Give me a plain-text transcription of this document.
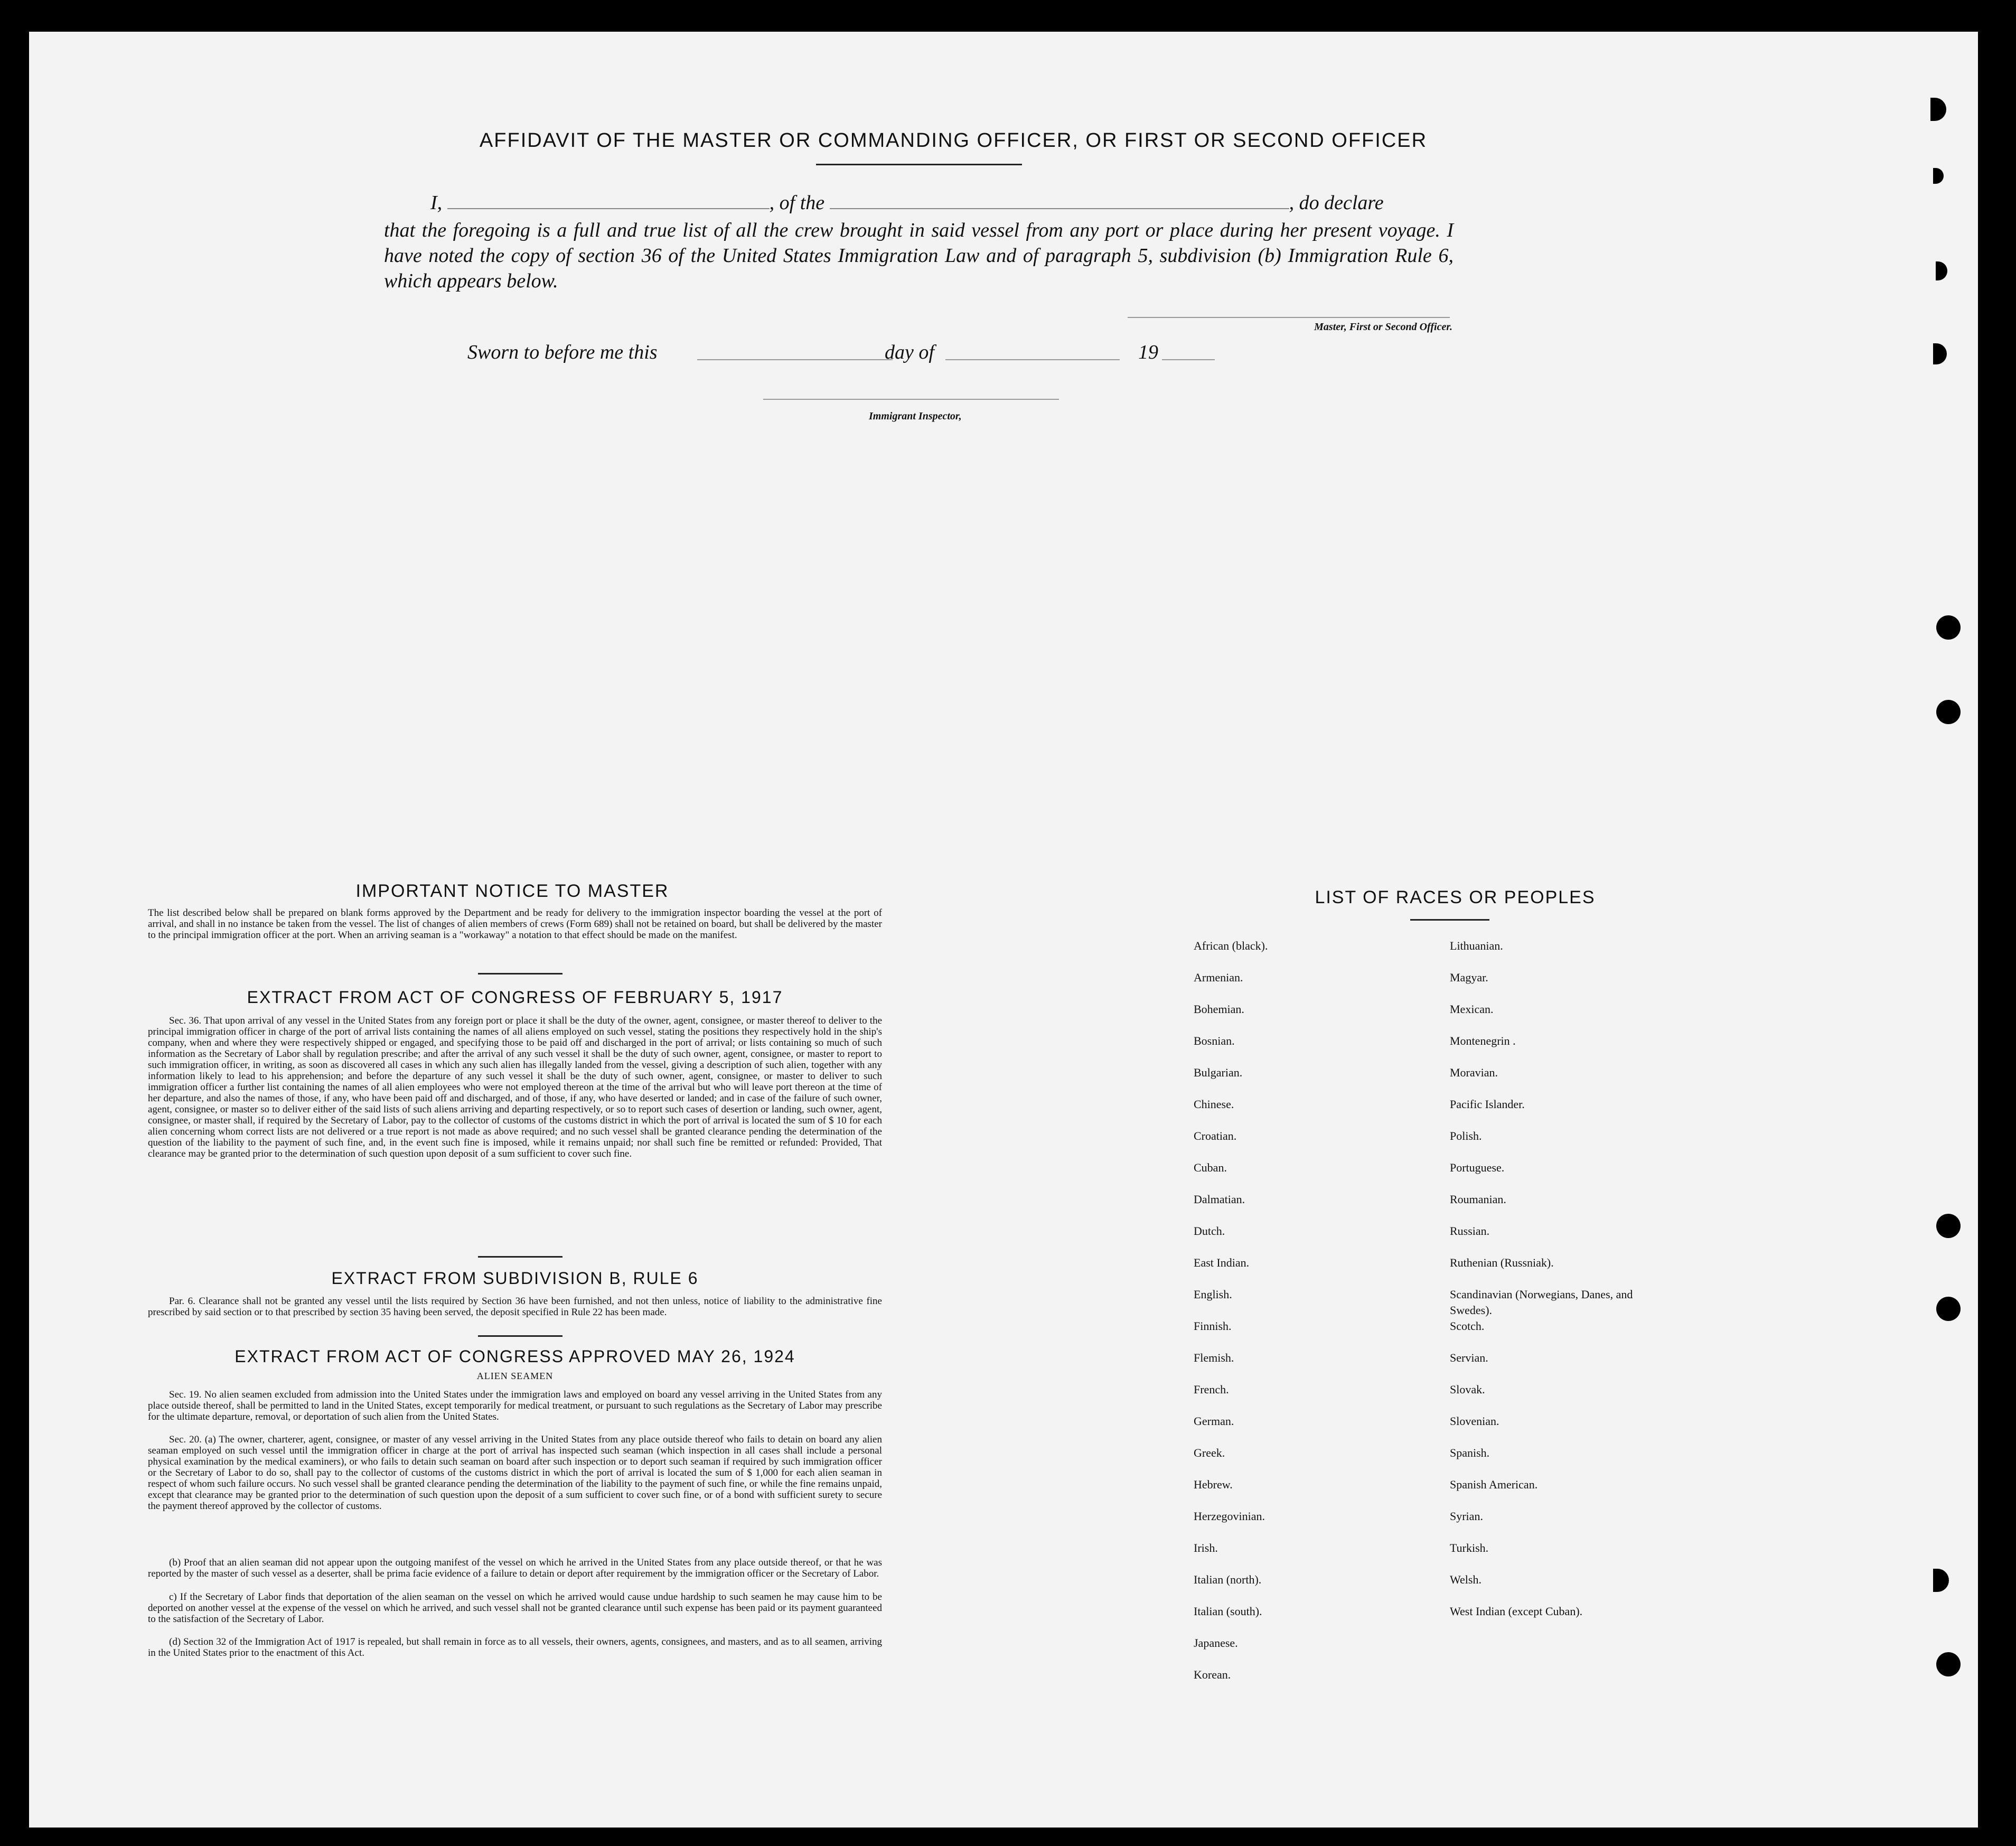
AFFIDAVIT OF THE MASTER OR COMMANDING OFFICER, OR FIRST OR SECOND OFFICER
I,	, of the	, do declare
that the foregoing is a full and true list of all the crew brought in said vessel from any port or place during her present voyage. I have noted the copy of section 36 of the United States Immigration Law and of paragraph 5, subdivision (b) Immigration Rule 6, which appears below.
Master, First or Second Officer.
Sworn to before me this	day of	19
Immigrant Inspector,
IMPORTANT NOTICE TO MASTER
The list described below shall be prepared on blank forms approved by the Department and be ready for delivery to the immigration inspector boarding the vessel at the port of arrival, and shall in no instance be taken from the vessel. The list of changes of alien members of crews (Form 689) shall not be retained on board, but shall be delivered by the master to the principal immigration officer at the port. When an arriving seaman is a "workaway" a notation to that effect should be made on the manifest.
EXTRACT FROM ACT OF CONGRESS OF FEBRUARY 5, 1917
Sec. 36. That upon arrival of any vessel in the United States from any foreign port or place it shall be the duty of the owner, agent, consignee, or master thereof to deliver to the principal immigration officer in charge of the port of arrival lists containing the names of all aliens employed on such vessel, stating the positions they respectively hold in the ship's company, when and where they were respectively shipped or engaged, and specifying those to be paid off and discharged in the port of arrival; or lists containing so much of such information as the Secretary of Labor shall by regulation prescribe; and after the arrival of any such vessel it shall be the duty of such owner, agent, consignee, or master to report to such immigration officer, in writing, as soon as discovered all cases in which any such alien has illegally landed from the vessel, giving a description of such alien, together with any information likely to lead to his apprehension; and before the departure of any such vessel it shall be the duty of such owner, agent, consignee, or master to deliver to such immigration officer a further list containing the names of all alien employees who were not employed thereon at the time of the arrival but who will leave port thereon at the time of her departure, and also the names of those, if any, who have been paid off and discharged, and of those, if any, who have deserted or landed; and in case of the failure of such owner, agent, consignee, or master so to deliver either of the said lists of such aliens arriving and departing respectively, or so to report such cases of desertion or landing, such owner, agent, consignee, or master shall, if required by the Secretary of Labor, pay to the collector of customs of the customs district in which the port of arrival is located the sum of $ 10 for each alien concerning whom correct lists are not delivered or a true report is not made as above required; and no such vessel shall be granted clearance pending the determination of the question of the liability to the payment of such fine, and, in the event such fine is imposed, while it remains unpaid; nor shall such fine be remitted or refunded: Provided, That clearance may be granted prior to the determination of such question upon deposit of a sum sufficient to cover such fine.
EXTRACT FROM SUBDIVISION B, RULE 6
Par. 6. Clearance shall not be granted any vessel until the lists required by Section 36 have been furnished, and not then unless, notice of liability to the administrative fine prescribed by said section or to that prescribed by section 35 having been served, the deposit specified in Rule 22 has been made.
EXTRACT FROM ACT OF CONGRESS APPROVED MAY 26, 1924
ALIEN SEAMEN
Sec. 19. No alien seamen excluded from admission into the United States under the immigration laws and employed on board any vessel arriving in the United States from any place outside thereof, shall be permitted to land in the United States, except temporarily for medical treatment, or pursuant to such regulations as the Secretary of Labor may prescribe for the ultimate departure, removal, or deportation of such alien from the United States.
Sec. 20. (a) The owner, charterer, agent, consignee, or master of any vessel arriving in the United States from any place outside thereof who fails to detain on board any alien seaman employed on such vessel until the immigration officer in charge at the port of arrival has inspected such seaman (which inspection in all cases shall include a personal physical examination by the medical examiners), or who fails to detain such seaman on board after such inspection or to deport such seaman if required by such immigration officer or the Secretary of Labor to do so, shall pay to the collector of customs of the customs district in which the port of arrival is located the sum of $ 1,000 for each alien seaman in respect of whom such failure occurs. No such vessel shall be granted clearance pending the determination of the liability to the payment of such fine, or while the fine remains unpaid, except that clearance may be granted prior to the determination of such question upon the deposit of a sum sufficient to cover such fine, or of a bond with sufficient surety to secure the payment thereof approved by the collector of customs.
(b) Proof that an alien seaman did not appear upon the outgoing manifest of the vessel on which he arrived in the United States from any place outside thereof, or that he was reported by the master of such vessel as a deserter, shall be prima facie evidence of a failure to detain or deport after requirement by the immigration officer or the Secretary of Labor.
c) If the Secretary of Labor finds that deportation of the alien seaman on the vessel on which he arrived would cause undue hardship to such seamen he may cause him to be deported on another vessel at the expense of the vessel on which he arrived, and such vessel shall not be granted clearance until such expense has been paid or its payment guaranteed to the satisfaction of the Secretary of Labor.
(d) Section 32 of the Immigration Act of 1917 is repealed, but shall remain in force as to all vessels, their owners, agents, consignees, and masters, and as to all seamen, arriving in the United States prior to the enactment of this Act.
LIST OF RACES OR PEOPLES
African (black).
Armenian.
Bohemian.
Bosnian.
Bulgarian.
Chinese.
Croatian.
Cuban.
Dalmatian.
Dutch.
East Indian.
English.
Finnish.
Flemish.
French.
German.
Greek.
Hebrew.
Herzegovinian.
Irish.
Italian (north).
Italian (south).
Japanese.
Korean.
Lithuanian.
Magyar.
Mexican.
Montenegrin .
Moravian.
Pacific Islander.
Polish.
Portuguese.
Roumanian.
Russian.
Ruthenian (Russniak).
Scandinavian (Norwegians, Danes, and Swedes).
Scotch.
Servian.
Slovak.
Slovenian.
Spanish.
Spanish American.
Syrian.
Turkish.
Welsh.
West Indian (except Cuban).
